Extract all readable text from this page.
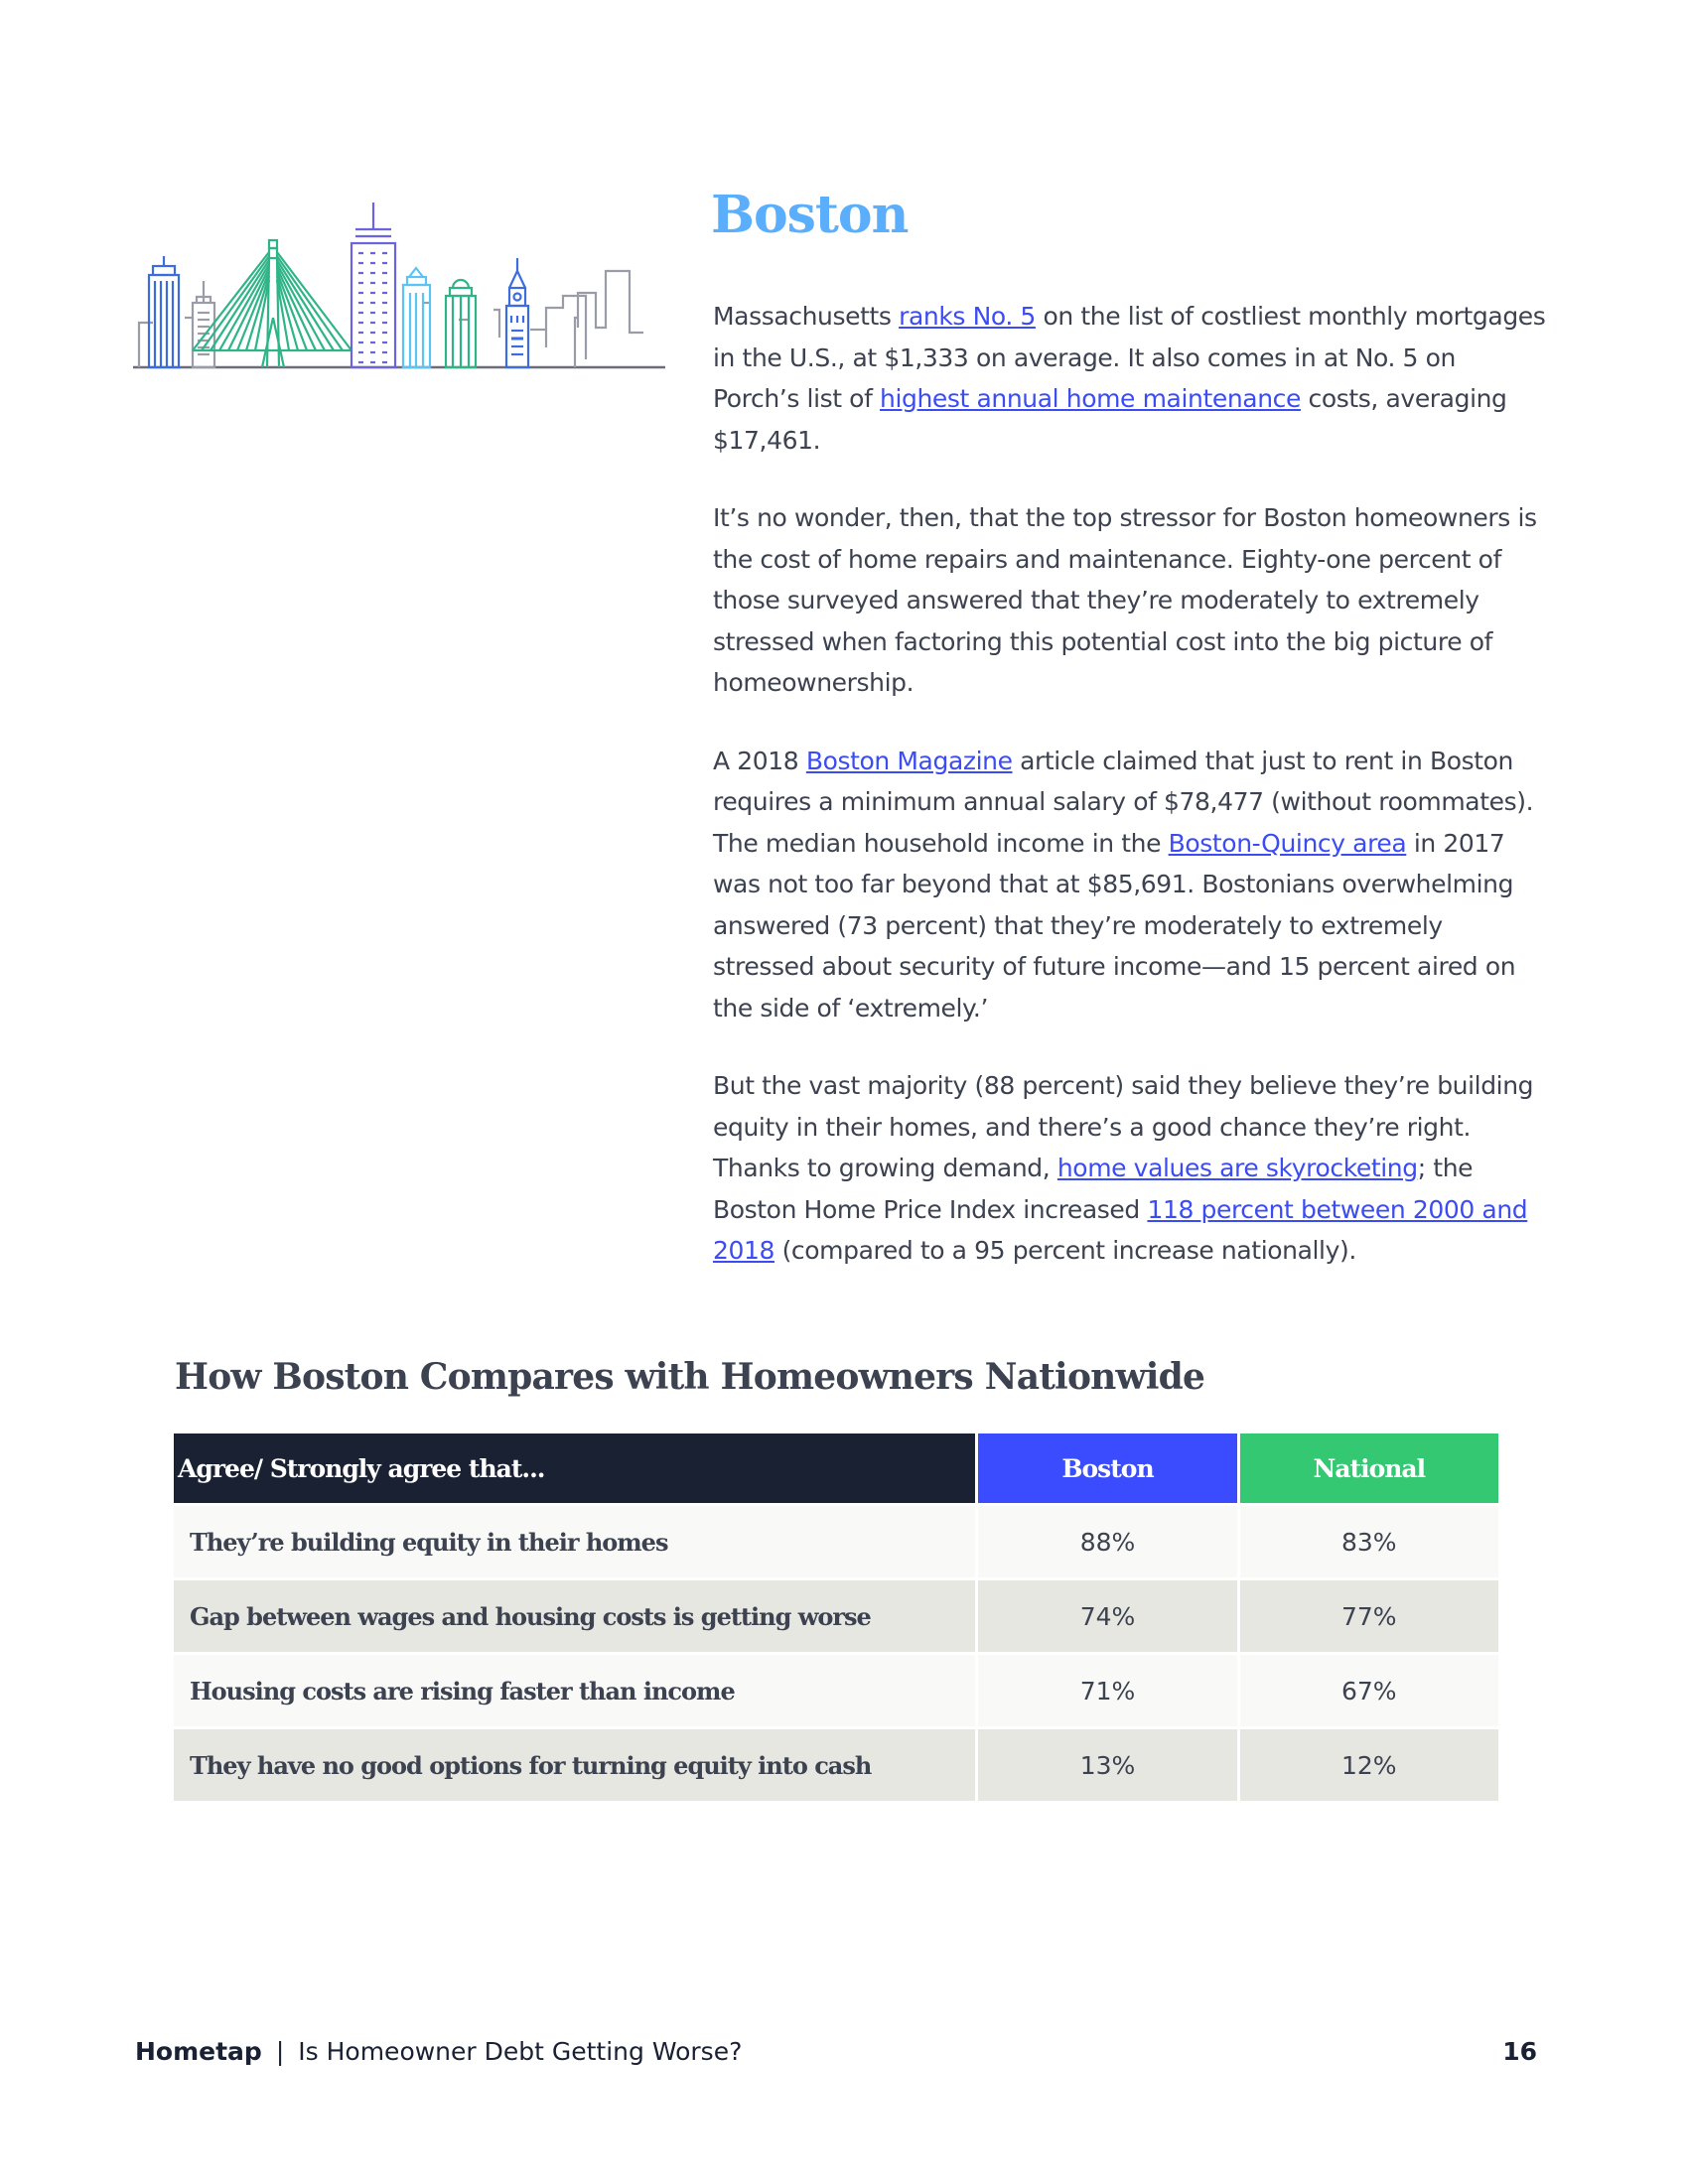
Boston

Massachusetts ranks No. 5 on the list of costliest monthly mortgages in the U.S., at $1,333 on average. It also comes in at No. 5 on Porch’s list of highest annual home maintenance costs, averaging $17,461.

It’s no wonder, then, that the top stressor for Boston homeowners is the cost of home repairs and maintenance. Eighty-one percent of those surveyed answered that they’re moderately to extremely stressed when factoring this potential cost into the big picture of homeownership.

A 2018 Boston Magazine article claimed that just to rent in Boston requires a minimum annual salary of $78,477 (without roommates). The median household income in the Boston-Quincy area in 2017 was not too far beyond that at $85,691. Bostonians overwhelming answered (73 percent) that they’re moderately to extremely stressed about security of future income—and 15 percent aired on the side of ‘extremely.’

But the vast majority (88 percent) said they believe they’re building equity in their homes, and there’s a good chance they’re right. Thanks to growing demand, home values are skyrocketing; the Boston Home Price Index increased 118 percent between 2000 and 2018 (compared to a 95 percent increase nationally).

How Boston Compares with Homeowners Nationwide
Agree/ Strongly agree that...	Boston	National
They’re building equity in their homes	88%	83%
Gap between wages and housing costs is getting worse	74%	77%
Housing costs are rising faster than income	71%	67%
They have no good options for turning equity into cash	13%	12%
Hometap | Is Homeowner Debt Getting Worse?	16
